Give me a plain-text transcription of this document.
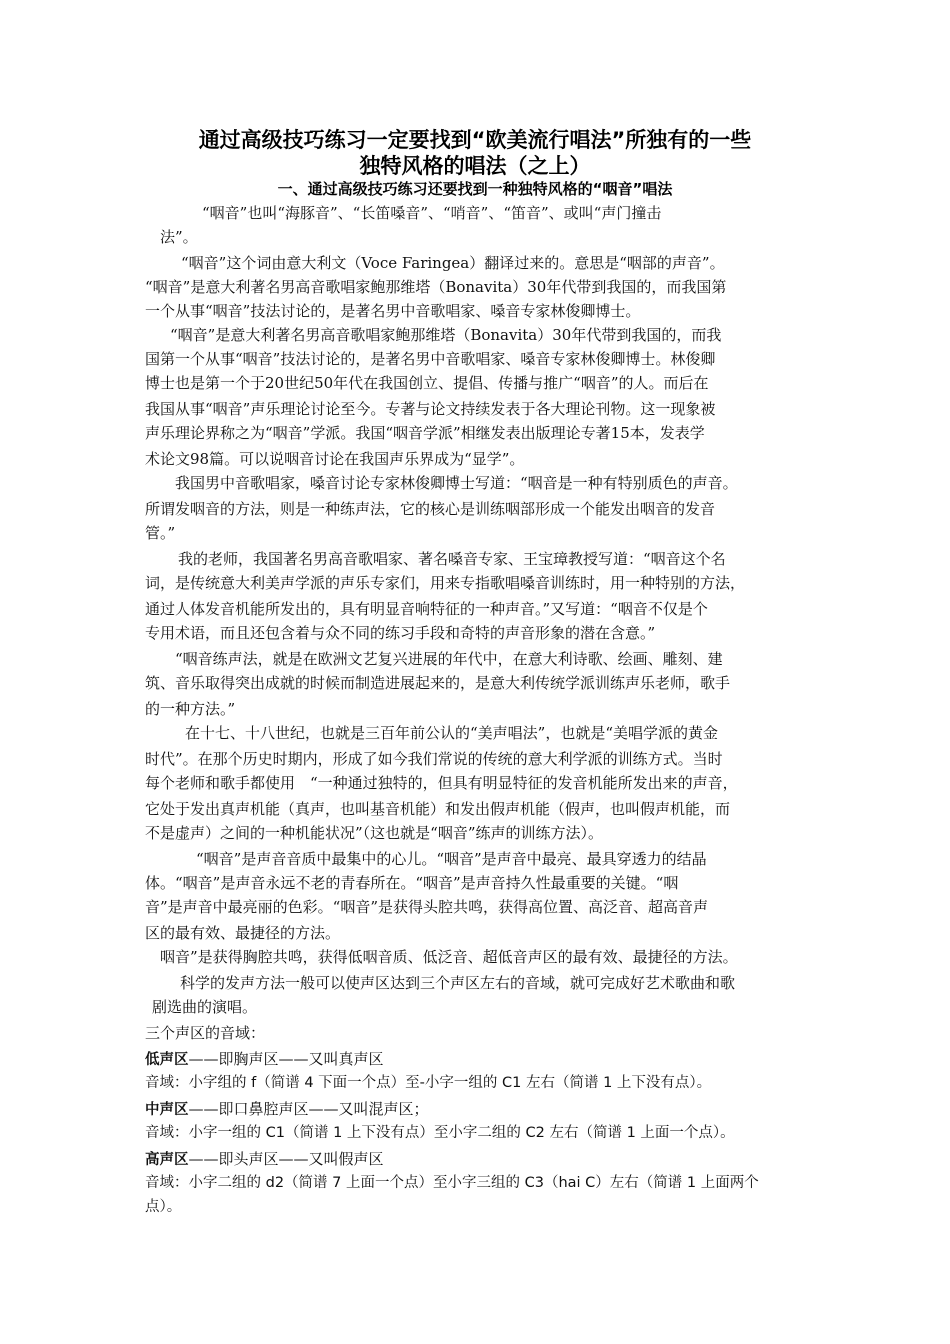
通过高级技巧练习一定要找到“欧美流行唱法”所独有的一些
独特风格的唱法（之上）
一、通过高级技巧练习还要找到一种独特风格的“咽音”唱法
“咽音”也叫“海豚音”、“长笛嗓音”、“哨音”、“笛音”、或叫“声门撞击
法”。
“咽音”这个词由意大利文（Voce Faringea）翻译过来的。意思是“咽部的声音”。
“咽音”是意大利著名男高音歌唱家鲍那维塔（Bonavita）30年代带到我国的，而我国第
一个从事“咽音”技法讨论的，是著名男中音歌唱家、嗓音专家林俊卿博士。
“咽音”是意大利著名男高音歌唱家鲍那维塔（Bonavita）30年代带到我国的，而我
国第一个从事“咽音”技法讨论的，是著名男中音歌唱家、嗓音专家林俊卿博士。林俊卿
博士也是第一个于20世纪50年代在我国创立、提倡、传播与推广“咽音”的人。而后在
我国从事“咽音”声乐理论讨论至今。专著与论文持续发表于各大理论刊物。这一现象被
声乐理论界称之为“咽音”学派。我国“咽音学派”相继发表出版理论专著15本，发表学
术论文98篇。可以说咽音讨论在我国声乐界成为“显学”。
我国男中音歌唱家，嗓音讨论专家林俊卿博士写道：“咽音是一种有特别质色的声音。
所谓发咽音的方法，则是一种练声法，它的核心是训练咽部形成一个能发出咽音的发音
管。”
我的老师，我国著名男高音歌唱家、著名嗓音专家、王宝璋教授写道：“咽音这个名
词，是传统意大利美声学派的声乐专家们，用来专指歌唱嗓音训练时，用一种特别的方法，
通过人体发音机能所发出的，具有明显音响特征的一种声音。”又写道：“咽音不仅是个
专用术语，而且还包含着与众不同的练习手段和奇特的声音形象的潜在含意。”
“咽音练声法，就是在欧洲文艺复兴进展的年代中，在意大利诗歌、绘画、雕刻、建
筑、音乐取得突出成就的时候而制造进展起来的，是意大利传统学派训练声乐老师，歌手
的一种方法。”
在十七、十八世纪，也就是三百年前公认的“美声唱法”，也就是“美唱学派的黄金
时代”。在那个历史时期内，形成了如今我们常说的传统的意大利学派的训练方式。当时
每个老师和歌手都使用　“一种通过独特的，但具有明显特征的发音机能所发出来的声音，
它处于发出真声机能（真声，也叫基音机能）和发出假声机能（假声，也叫假声机能，而
不是虚声）之间的一种机能状况”（这也就是“咽音”练声的训练方法）。
“咽音”是声音音质中最集中的心儿。“咽音”是声音中最亮、最具穿透力的结晶
体。“咽音”是声音永远不老的青春所在。“咽音”是声音持久性最重要的关键。“咽
音”是声音中最亮丽的色彩。“咽音”是获得头腔共鸣，获得高位置、高泛音、超高音声
区的最有效、最捷径的方法。
咽音”是获得胸腔共鸣，获得低咽音质、低泛音、超低音声区的最有效、最捷径的方法。
科学的发声方法一般可以使声区达到三个声区左右的音域，就可完成好艺术歌曲和歌
剧选曲的演唱。
三个声区的音域：
低声区——即胸声区——又叫真声区
音域：小字组的 f（简谱 4 下面一个点）至-小字一组的 C1 左右（简谱 1 上下没有点）。
中声区——即口鼻腔声区——又叫混声区；
音域：小字一组的 C1（简谱 1 上下没有点）至小字二组的 C2 左右（简谱 1 上面一个点）。
高声区——即头声区——又叫假声区
音域：小字二组的 d2（简谱 7 上面一个点）至小字三组的 C3（hai C）左右（简谱 1 上面两个
点）。
